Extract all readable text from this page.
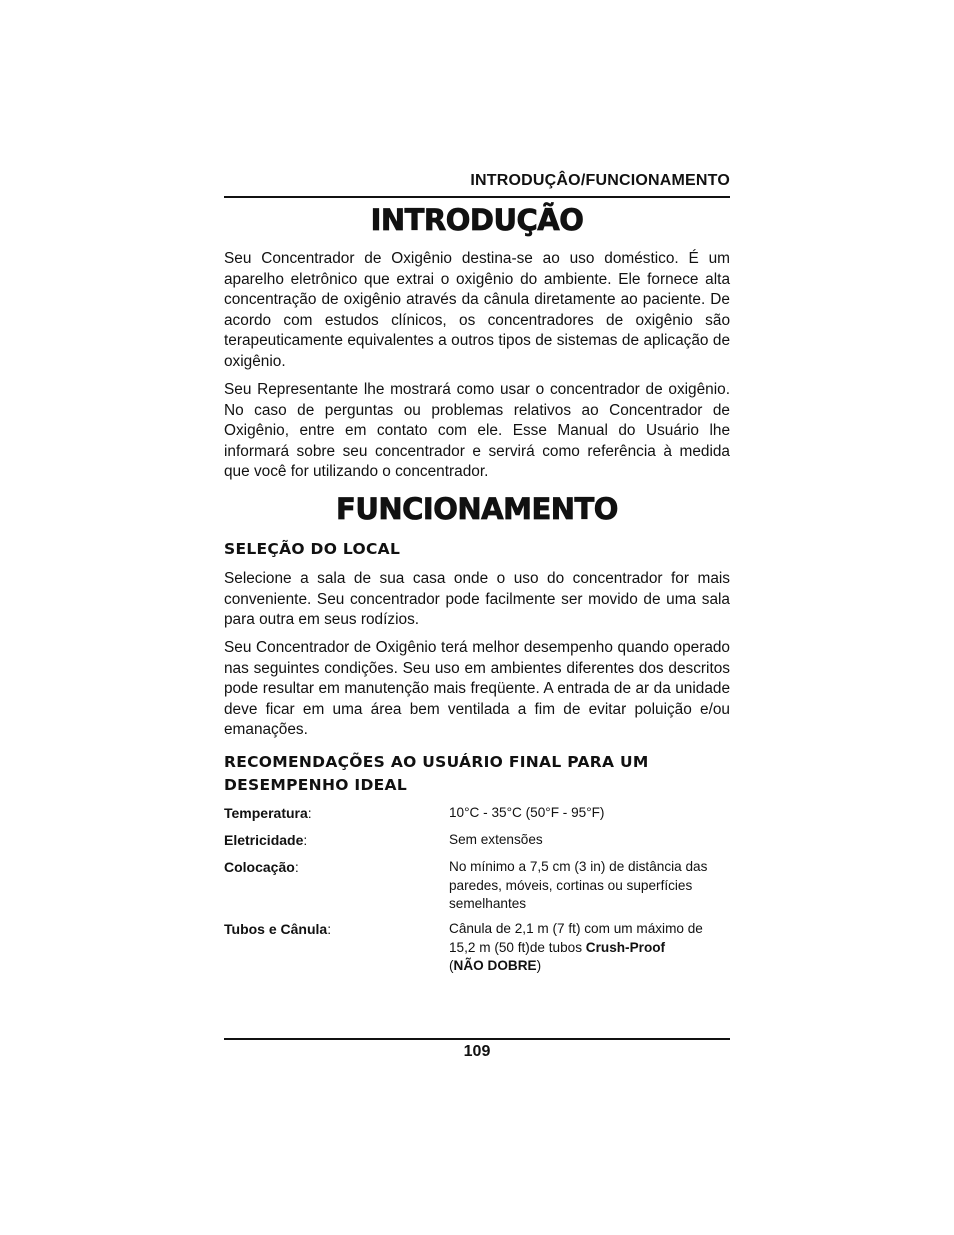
INTRODUÇÂO/FUNCIONAMENTO
INTRODUÇÃO

Seu Concentrador de Oxigênio destina-se ao uso doméstico. É um aparelho eletrônico que extrai o oxigênio do ambiente. Ele fornece alta concentração de oxigênio através da cânula diretamente ao paciente. De acordo com estudos clínicos, os concentradores de oxigênio são terapeuticamente equivalentes a outros tipos de sistemas de aplicação de oxigênio.

Seu Representante lhe mostrará como usar o concentrador de oxigênio. No caso de perguntas ou problemas relativos ao Concentrador de Oxigênio, entre em contato com ele. Esse Manual do Usuário lhe informará sobre seu concentrador e servirá como referência à medida que você for utilizando o concentrador.

FUNCIONAMENTO

SELEÇÃO DO LOCAL

Selecione a sala de sua casa onde o uso do concentrador for mais conveniente. Seu concentrador pode facilmente ser movido de uma sala para outra em seus rodízios.

Seu Concentrador de Oxigênio terá melhor desempenho quando operado nas seguintes condições. Seu uso em ambientes diferentes dos descritos pode resultar em manutenção mais freqüente. A entrada de ar da unidade deve ficar em uma área bem ventilada a fim de evitar poluição e/ou emanações.

RECOMENDAÇÕES AO USUÁRIO FINAL PARA UM DESEMPENHO IDEAL

Temperatura:	10°C - 35°C (50°F - 95°F)
Eletricidade:	Sem extensões
Colocação:	No mínimo a 7,5 cm (3 in) de distância das paredes, móveis, cortinas ou superfícies semelhantes
Tubos e Cânula:	Cânula de 2,1 m (7 ft) com um máximo de 15,2 m (50 ft)de tubos Crush-Proof
(NÃO DOBRE)
109
